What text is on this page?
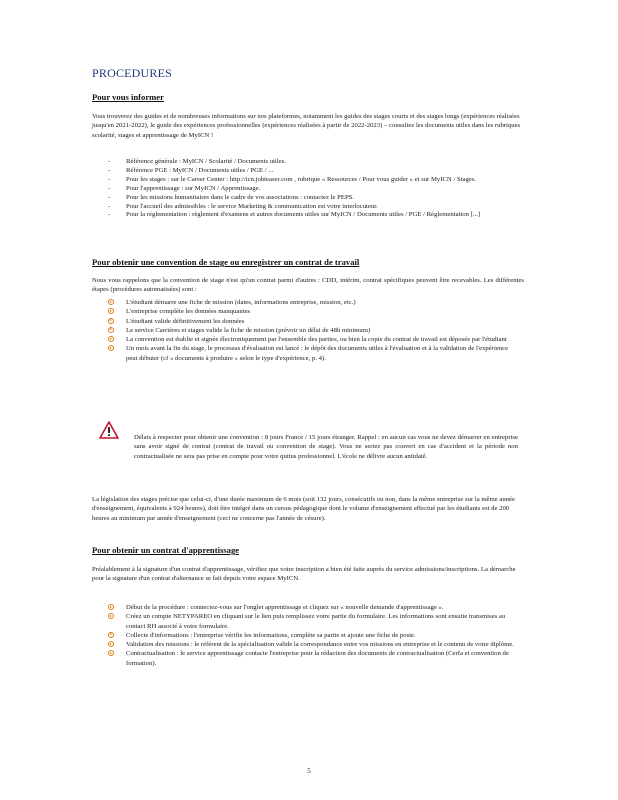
PROCEDURES
Pour vous informer

Vous trouverez des guides et de nombreuses informations sur nos plateformes, notamment les guides des stages courts et des stages longs (expériences réalisées jusqu'en 2021-2022), le guide des expériences professionnelles (expériences réalisées à partir de 2022-2023) – consultez les documents utiles dans les rubriques scolarité, stages et apprentissage de MyICN !

- Référence générale : MyICN / Scolarité / Documents utiles.
- Référence PGE : MyICN / Documents utiles / PGE / ...
- Pour les stages : sur le Career Center : http://icn.jobteaser.com , rubrique « Ressources / Pour vous guider » et sur MyICN / Stages.
- Pour l'apprentissage : sur MyICN / Apprentissage.
- Pour les missions humanitaires dans le cadre de vos associations : contactez le PEPS.
- Pour l'accueil des admissibles : le service Marketing & communication est votre interlocuteur.
- Pour la réglementation : règlement d'examens et autres documents utiles sur MyICN / Documents utiles / PGE / Réglementation [...]
Pour obtenir une convention de stage ou enregistrer un contrat de travail

Nous vous rappelons que la convention de stage n'est qu'un contrat parmi d'autres : CDD, intérim, contrat spécifiques peuvent être recevables. Les différentes étapes (procédures automatisées) sont :

L'étudiant démarre une fiche de mission (dates, informations entreprise, mission, etc.)
L'entreprise complète les données manquantes
L'étudiant valide définitivement les données
Le service Carrières et stages valide la fiche de mission (prévoir un délai de 48h minimum)
La convention est établie et signée électroniquement par l'ensemble des parties, ou bien la copie du contrat de travail est déposée par l'étudiant
Un mois avant la fin du stage, le processus d'évaluation est lancé : le dépôt des documents utiles à l'évaluation et à la validation de l'expérience peut débuter (cf « documents à produire » selon le type d'expérience, p. 4).

Délais à respecter pour obtenir une convention : 8 jours France / 15 jours étranger. Rappel : en aucun cas vous ne devez démarrer en entreprise sans avoir signé de contrat (contrat de travail ou convention de stage). Vous ne seriez pas couvert en cas d'accident et la période non contractualisée ne sera pas prise en compte pour votre quitus professionnel. L'école ne délivre aucun antidaté.

La législation des stages précise que celui-ci, d'une durée maximum de 6 mois (soit 132 jours, consécutifs ou non, dans la même entreprise sur la même année d'enseignement, équivalents à 924 heures), doit être intégré dans un cursus pédagogique dont le volume d'enseignement effectué par les étudiants est de 200 heures au minimum par année d'enseignement (ceci ne concerne pas l'année de césure).

Pour obtenir un contrat d'apprentissage

Préalablement à la signature d'un contrat d'apprentissage, vérifiez que votre inscription a bien été faite auprès du service admissions/inscriptions. La démarche pour la signature d'un contrat d'alternance se fait depuis votre espace MyICN.

Début de la procédure : connectez-vous sur l'onglet apprentissage et cliquez sur « nouvelle demande d'apprentissage ».
Créez un compte NETYPAREO en cliquant sur le lien puis remplissez votre partie du formulaire. Les informations sont ensuite transmises au contact RH associé à votre formulaire.
Collecte d'informations : l'entreprise vérifie les informations, complète sa partie et ajoute une fiche de poste.
Validation des missions : le référent de la spécialisation valide la correspondance entre vos missions en entreprise et le contenu de votre diplôme.
Contractualisation : le service apprentissage contacte l'entreprise pour la rédaction des documents de contractualisation (Cerfa et convention de formation).
5
